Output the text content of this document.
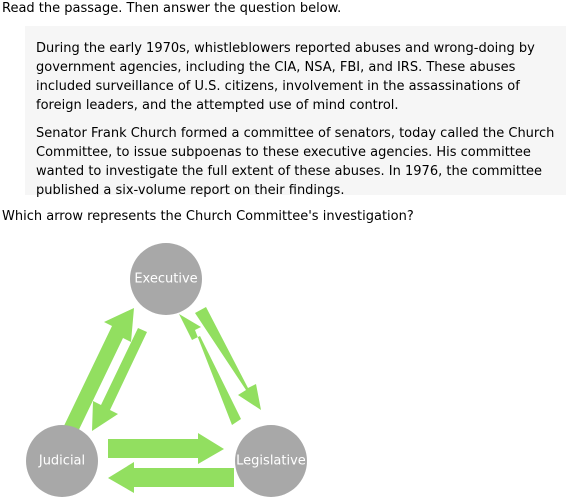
Read the passage. Then answer the question below.

During the early 1970s, whistleblowers reported abuses and wrong-doing by government agencies, including the CIA, NSA, FBI, and IRS. These abuses included surveillance of U.S. citizens, involvement in the assassinations of foreign leaders, and the attempted use of mind control.

Senator Frank Church formed a committee of senators, today called the Church Committee, to issue subpoenas to these executive agencies. His committee wanted to investigate the full extent of these abuses. In 1976, the committee published a six-volume report on their findings.

Which arrow represents the Church Committee's investigation?
Executive
Judicial	Legislative
